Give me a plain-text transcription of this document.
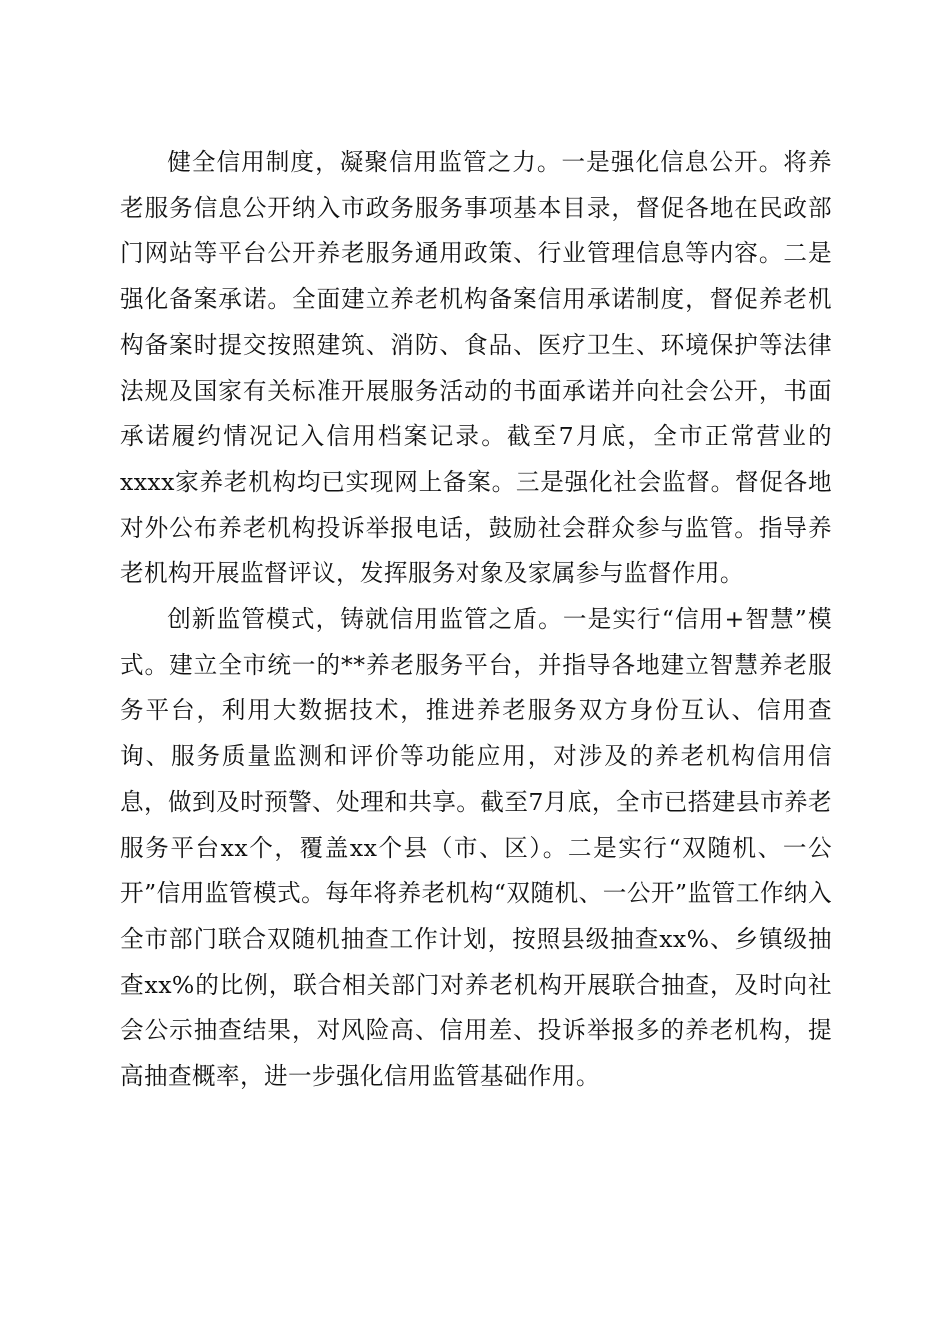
健全信用制度，凝聚信用监管之力。一是强化信息公开。将养老服务信息公开纳入市政务服务事项基本目录，督促各地在民政部门网站等平台公开养老服务通用政策、行业管理信息等内容。二是强化备案承诺。全面建立养老机构备案信用承诺制度，督促养老机构备案时提交按照建筑、消防、食品、医疗卫生、环境保护等法律法规及国家有关标准开展服务活动的书面承诺并向社会公开，书面承诺履约情况记入信用档案记录。截至7月底，全市正常营业的xxxx家养老机构均已实现网上备案。三是强化社会监督。督促各地对外公布养老机构投诉举报电话，鼓励社会群众参与监管。指导养老机构开展监督评议，发挥服务对象及家属参与监督作用。

创新监管模式，铸就信用监管之盾。一是实行“信用+智慧”模式。建立全市统一的**养老服务平台，并指导各地建立智慧养老服务平台，利用大数据技术，推进养老服务双方身份互认、信用查询、服务质量监测和评价等功能应用，对涉及的养老机构信用信息，做到及时预警、处理和共享。截至7月底，全市已搭建县市养老服务平台xx个，覆盖xx个县（市、区）。二是实行“双随机、一公开”信用监管模式。每年将养老机构“双随机、一公开”监管工作纳入全市部门联合双随机抽查工作计划，按照县级抽查xx%、乡镇级抽查xx%的比例，联合相关部门对养老机构开展联合抽查，及时向社会公示抽查结果，对风险高、信用差、投诉举报多的养老机构，提高抽查概率，进一步强化信用监管基础作用。
